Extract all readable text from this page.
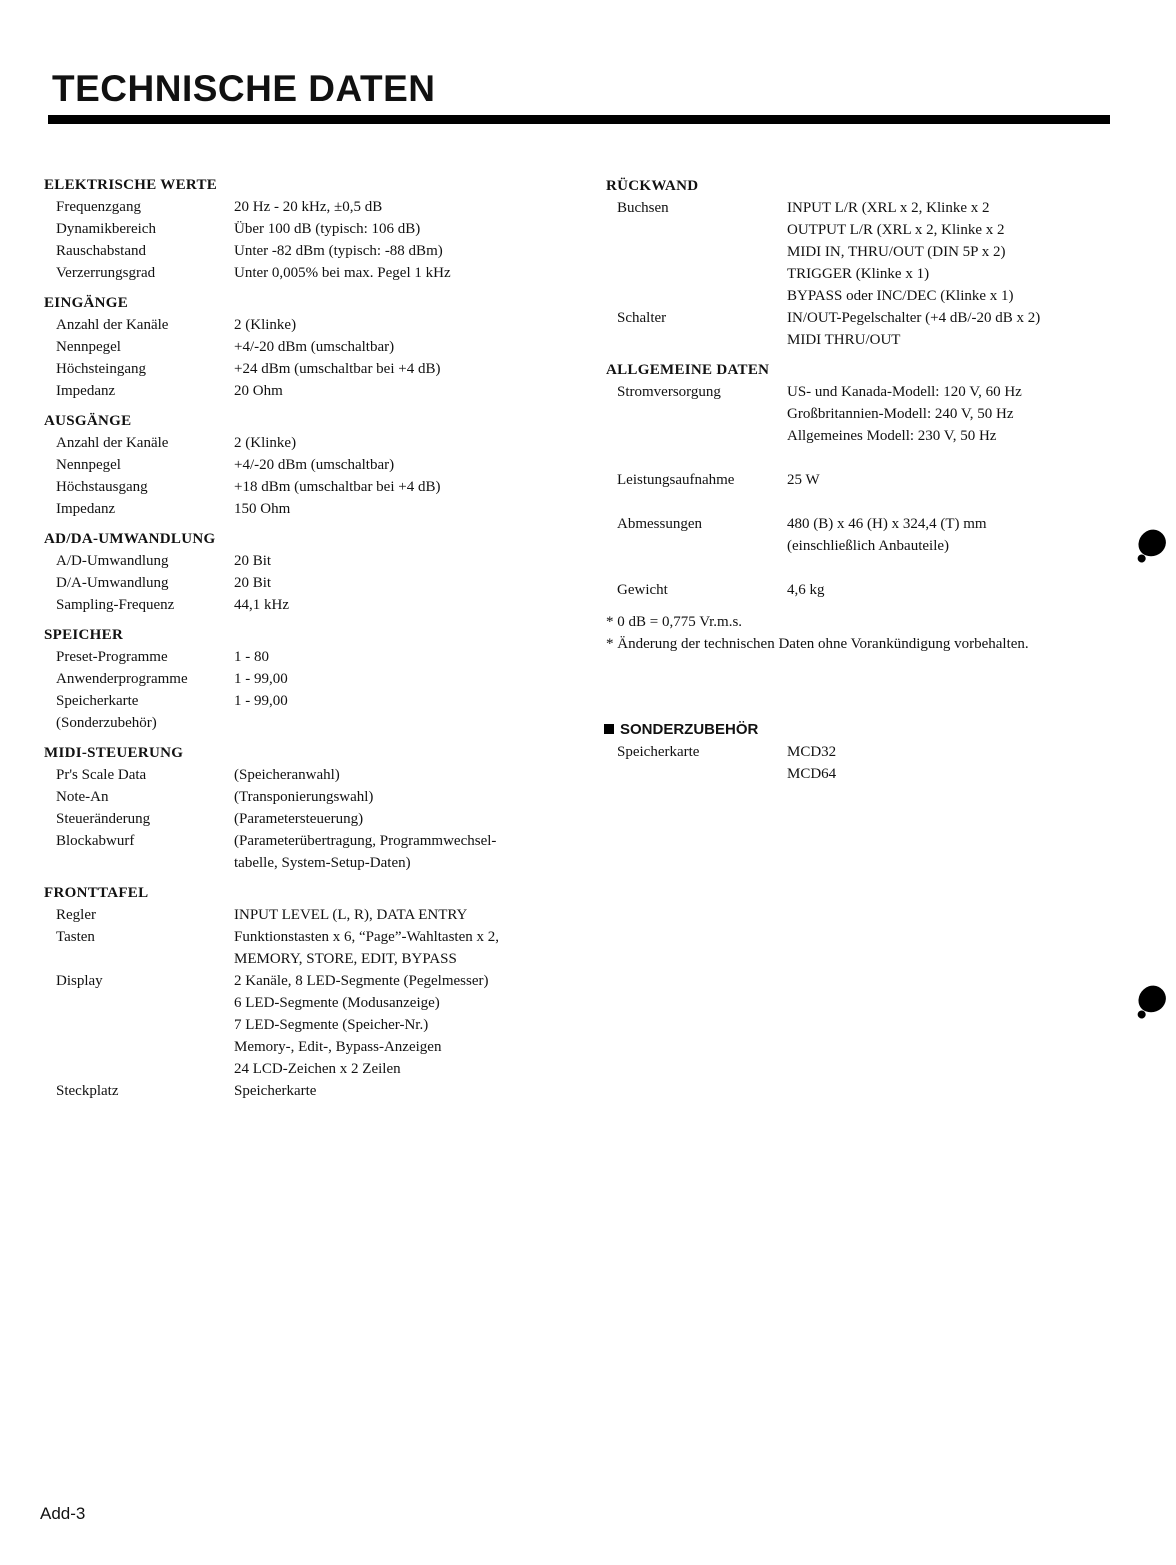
TECHNISCHE DATEN
ELEKTRISCHE WERTE
Frequenzgang	20 Hz - 20 kHz, ±0,5 dB
Dynamikbereich	Über 100 dB (typisch: 106 dB)
Rauschabstand	Unter -82 dBm (typisch: -88 dBm)
Verzerrungsgrad	Unter 0,005% bei max. Pegel 1 kHz
EINGÄNGE
Anzahl der Kanäle	2 (Klinke)
Nennpegel	+4/-20 dBm (umschaltbar)
Höchsteingang	+24 dBm (umschaltbar bei +4 dB)
Impedanz	20 Ohm
AUSGÄNGE
Anzahl der Kanäle	2 (Klinke)
Nennpegel	+4/-20 dBm (umschaltbar)
Höchstausgang	+18 dBm (umschaltbar bei +4 dB)
Impedanz	150 Ohm
AD/DA-UMWANDLUNG
A/D-Umwandlung	20 Bit
D/A-Umwandlung	20 Bit
Sampling-Frequenz	44,1 kHz
SPEICHER
Preset-Programme	1 - 80
Anwenderprogramme	1 - 99,00
Speicherkarte	1 - 99,00
(Sonderzubehör)
MIDI-STEUERUNG
Pr's Scale Data	(Speicheranwahl)
Note-An	(Transponierungswahl)
Steueränderung	(Parametersteuerung)
Blockabwurf	(Parameterübertragung, Programmwechsel-
tabelle, System-Setup-Daten)
FRONTTAFEL
Regler	INPUT LEVEL (L, R), DATA ENTRY
Tasten	Funktionstasten x 6, “Page”-Wahltasten x 2,
MEMORY, STORE, EDIT, BYPASS
Display	2 Kanäle, 8 LED-Segmente (Pegelmesser)
6 LED-Segmente (Modusanzeige)
7 LED-Segmente (Speicher-Nr.)
Memory-, Edit-, Bypass-Anzeigen
24 LCD-Zeichen x 2 Zeilen
Steckplatz	Speicherkarte
RÜCKWAND
Buchsen	INPUT L/R (XRL x 2, Klinke x 2
OUTPUT L/R (XRL x 2, Klinke x 2
MIDI IN, THRU/OUT (DIN 5P x 2)
TRIGGER (Klinke x 1)
BYPASS oder INC/DEC (Klinke x 1)
Schalter	IN/OUT-Pegelschalter (+4 dB/-20 dB x 2)
MIDI THRU/OUT
ALLGEMEINE DATEN
Stromversorgung	US- und Kanada-Modell: 120 V, 60 Hz
Großbritannien-Modell: 240 V, 50 Hz
Allgemeines Modell: 230 V, 50 Hz
Leistungsaufnahme	25 W
Abmessungen	480 (B) x 46 (H) x 324,4 (T) mm
(einschließlich Anbauteile)
Gewicht	4,6 kg
* 0 dB = 0,775 Vr.m.s.
* Änderung der technischen Daten ohne Vorankündigung vorbehalten.
SONDERZUBEHÖR
Speicherkarte	MCD32
MCD64
Add-3
